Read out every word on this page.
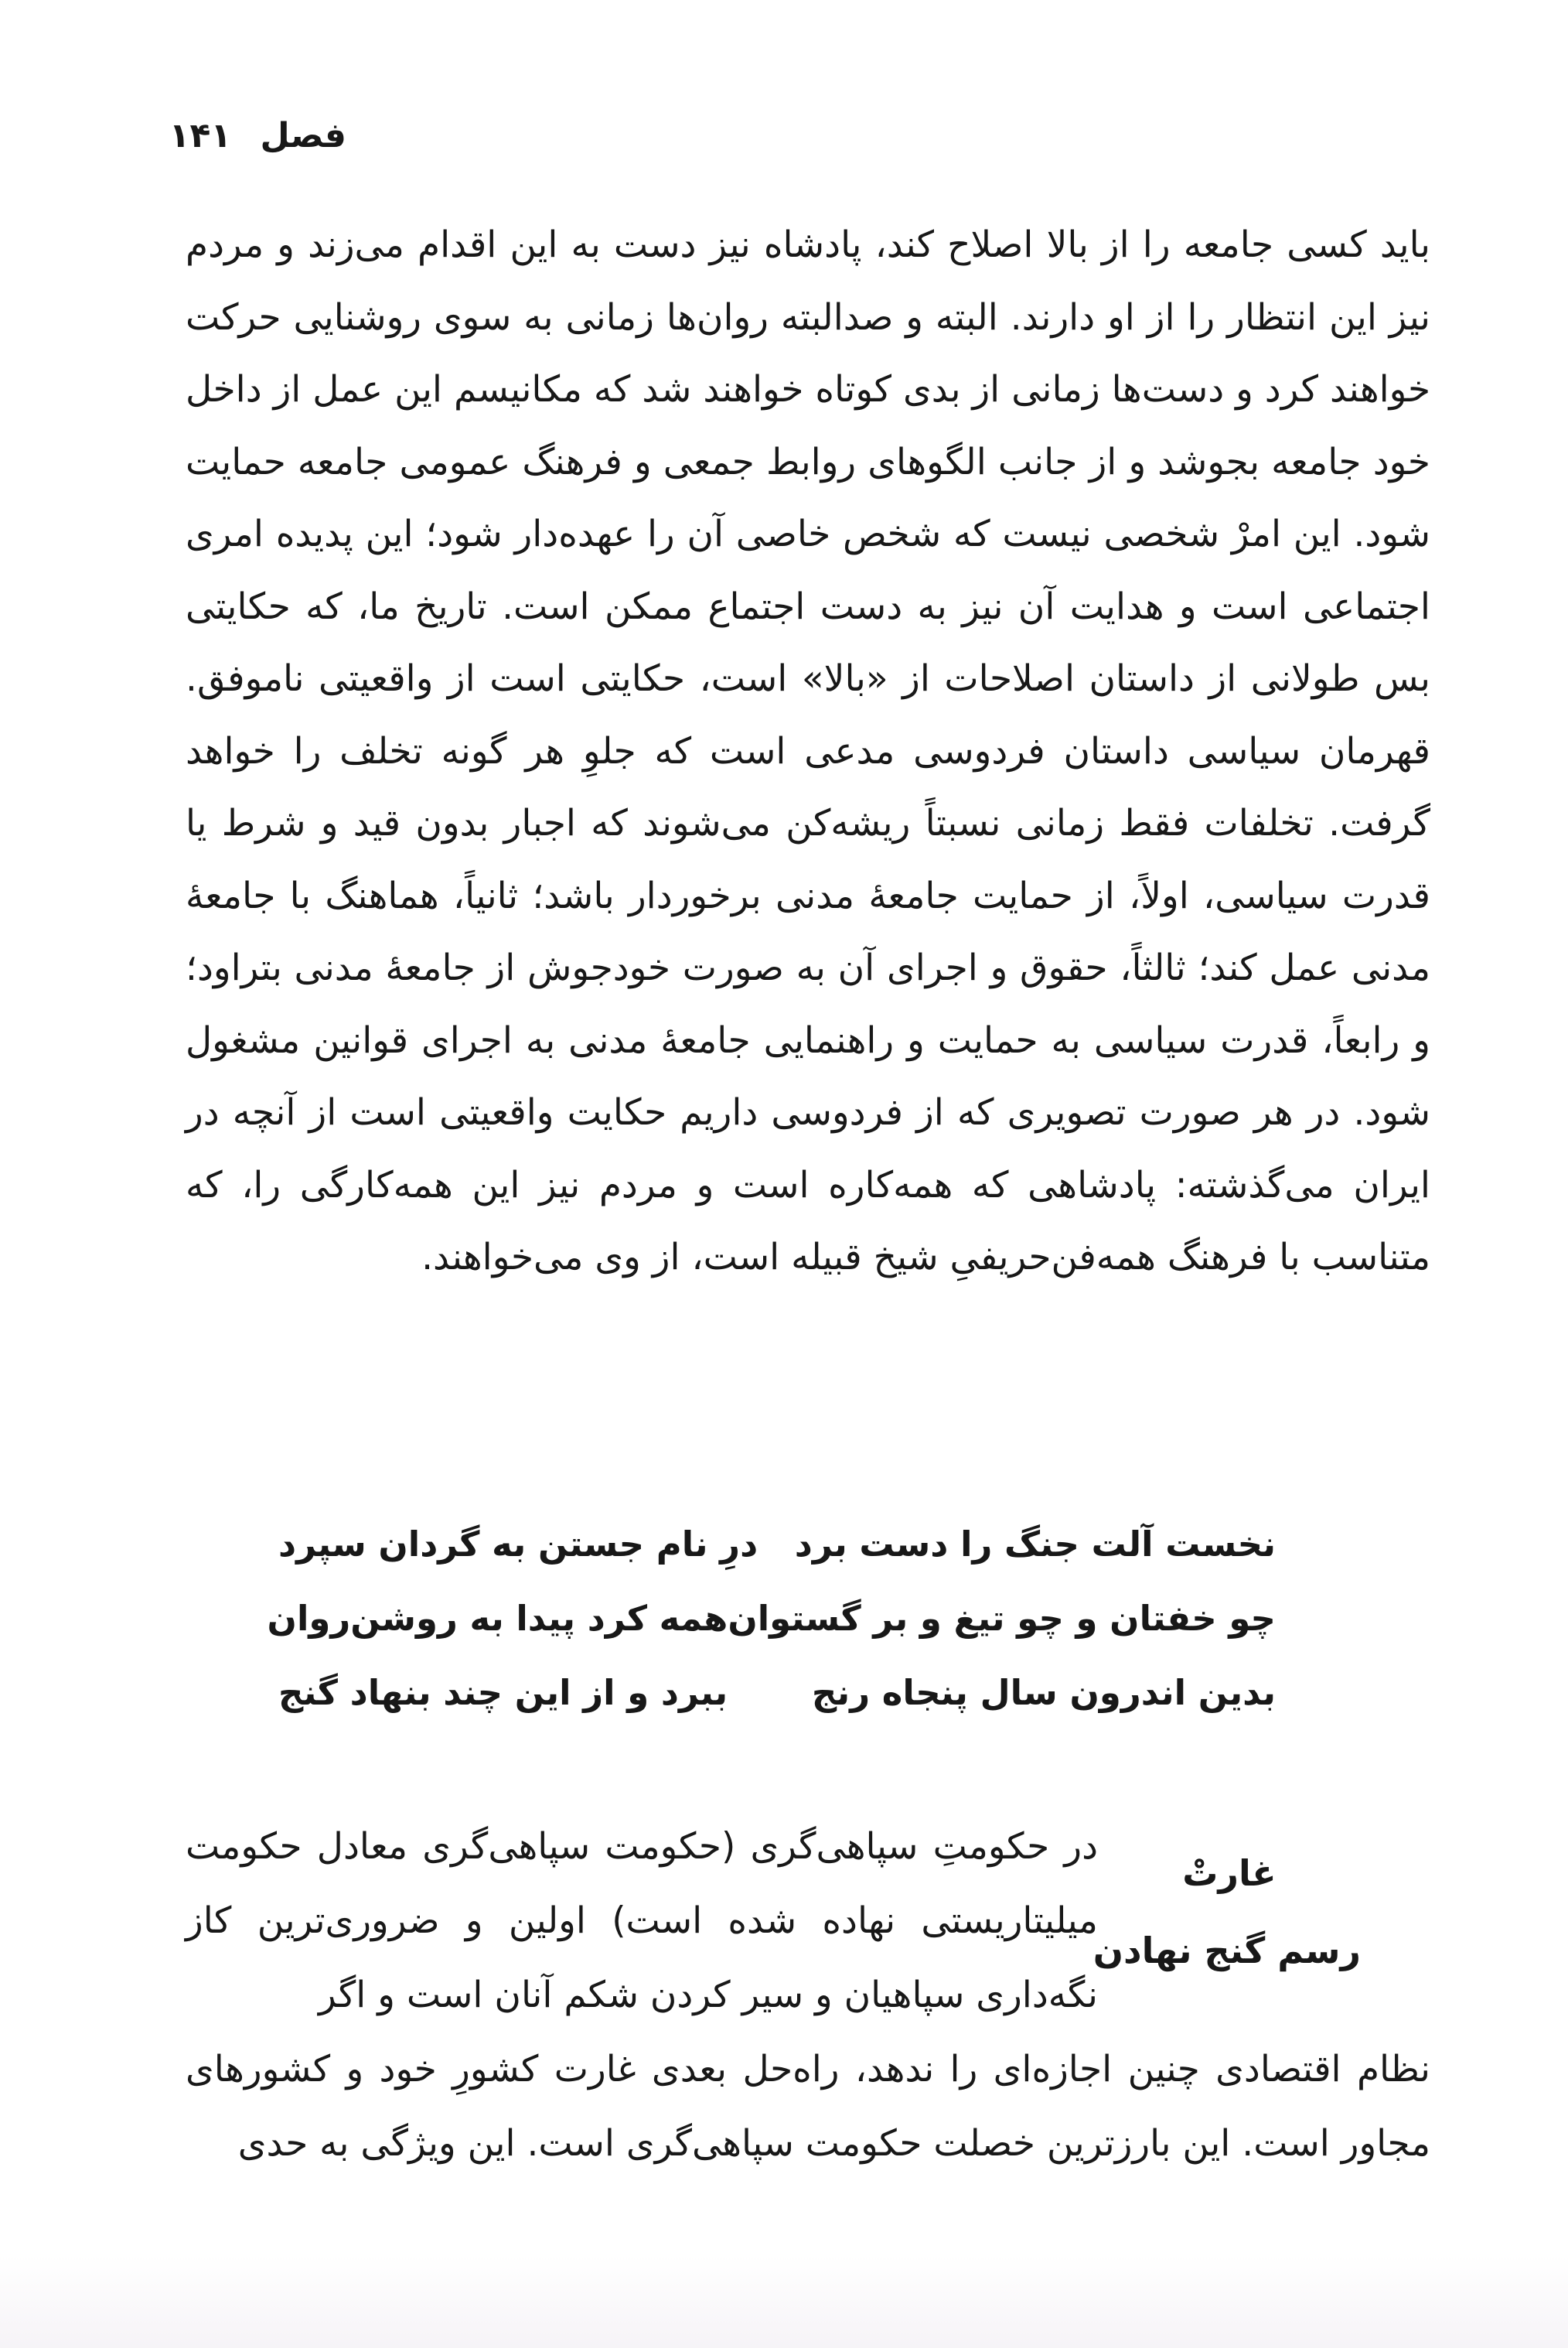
فصل ۱۴۱
باید کسی جامعه را از بالا اصلاح کند، پادشاه نیز دست به این اقدام می‌زند و مردم نیز این انتظار را از او دارند. البته و صدالبته روان‌ها زمانی به سوی روشنایی حرکت خواهند کرد و دست‌ها زمانی از بدی کوتاه خواهند شد که مکانیسم این عمل از داخل خود جامعه بجوشد و از جانب الگوهای روابط جمعی و فرهنگ عمومی جامعه حمایت شود. این امرْ شخصی نیست که شخص خاصی آن را عهده‌دار شود؛ این پدیده امری اجتماعی است و هدایت آن نیز به دست اجتماع ممکن است. تاریخ ما، که حکایتی بس طولانی از داستان اصلاحات از «بالا» است، حکایتی است از واقعیتی ناموفق. قهرمان سیاسی داستان فردوسی مدعی است که جلوِ هر گونه تخلف را خواهد گرفت. تخلفات فقط زمانی نسبتاً ریشه‌کن می‌شوند که اجبار بدون قید و شرط یا قدرت سیاسی، اولاً، از حمایت جامعهٔ مدنی برخوردار باشد؛ ثانیاً، هماهنگ با جامعهٔ مدنی عمل کند؛ ثالثاً، حقوق و اجرای آن به صورت خودجوش از جامعهٔ مدنی بتراود؛ و رابعاً، قدرت سیاسی به حمایت و راهنمایی جامعهٔ مدنی به اجرای قوانین مشغول شود. در هر صورت تصویری که از فردوسی داریم حکایت واقعیتی است از آنچه در ایران می‌گذشته: پادشاهی که همه‌کاره است و مردم نیز این همه‌کارگی را، که متناسب با فرهنگ همه‌فن‌حریفیِ شیخ قبیله است، از وی می‌خواهند.
نخست آلت جنگ را دست برد
درِ نام جستن به گردان سپرد
چو خفتان و چو تیغ و بر گستوان
همه کرد پیدا به روشن‌روان
بدین اندرون سال پنجاه رنج
ببرد و از این چند بنهاد گنج
غارتْ
رسم گنج نهادن
در حکومتِ سپاهی‌گری (حکومت سپاهی‌گری معادل حکومت میلیتاریستی نهاده شده است) اولین و ضروری‌ترین کاز نگه‌داری سپاهیان و سیر کردن شکم آنان است و اگر
نظام اقتصادی چنین اجازه‌ای را ندهد، راه‌حل بعدی غارت کشورِ خود و کشورهای مجاور است. این بارزترین خصلت حکومت سپاهی‌گری است. این ویژگی به حدی
